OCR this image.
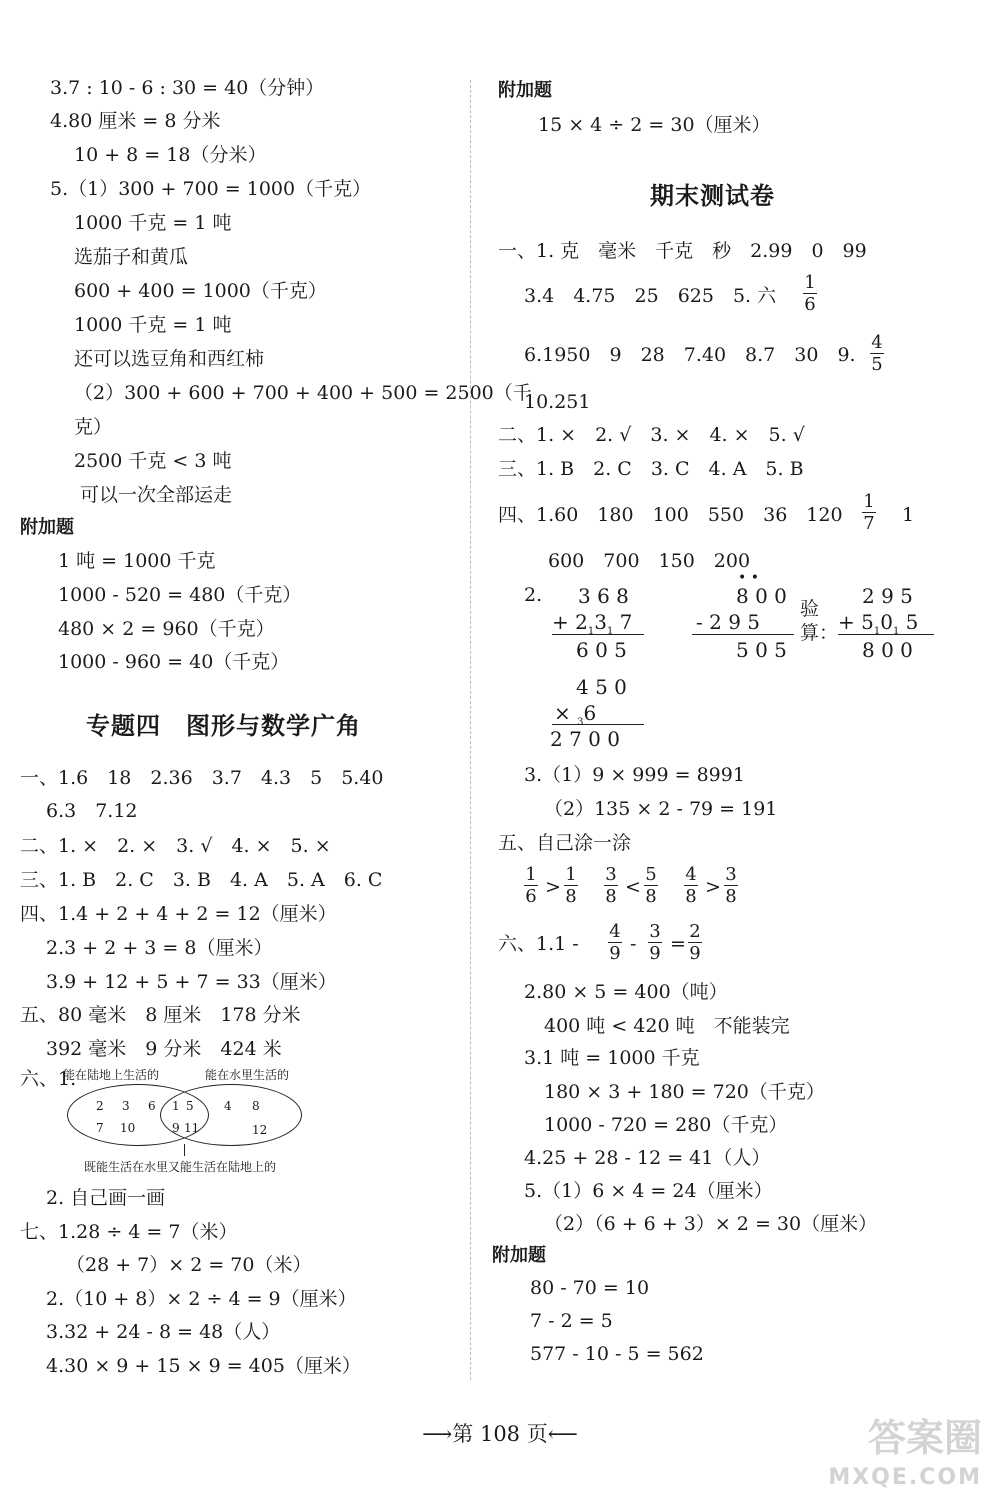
3.7 : 10 - 6 : 30 = 40（分钟）
4.80 厘米 = 8 分米
10 + 8 = 18（分米）
5.（1）300 + 700 = 1000（千克）
1000 千克 = 1 吨
选茄子和黄瓜
600 + 400 = 1000（千克）
1000 千克 = 1 吨
还可以选豆角和西红柿
（2）300 + 600 + 700 + 400 + 500 = 2500（千
克）
2500 千克 < 3 吨
可以一次全部运走
附加题
1 吨 = 1000 千克
1000 - 520 = 480（千克）
480 × 2 = 960（千克）
1000 - 960 = 40（千克）
专题四　图形与数学广角
一、1.6　18　2.36　3.7　4.3　5　5.40
6.3　7.12
二、1. ×　2. ×　3. √　4. ×　5. ×
三、1. B　2. C　3. B　4. A　5. A　6. C
四、1.4 + 2 + 4 + 2 = 12（厘米）
2.3 + 2 + 3 = 8（厘米）
3.9 + 12 + 5 + 7 = 33（厘米）
五、80 毫米　8 厘米　178 分米
392 毫米　9 分米　424 米
六、1.
能在陆地上生活的	能在水里生活的
2 3 6
7 10
1 5
9 11
4 8
12
既能生活在水里又能生活在陆地上的
2. 自己画一画
七、1.28 ÷ 4 = 7（米）
（28 + 7）× 2 = 70（米）
2.（10 + 8）× 2 ÷ 4 = 9（厘米）
3.32 + 24 - 8 = 48（人）
4.30 × 9 + 15 × 9 = 405（厘米）
附加题
15 × 4 ÷ 2 = 30（厘米）
期末测试卷
一、1. 克　毫米　千克　秒　2.99　0　99
3.4　4.75　25　625　5. 六
1
6
6.1950　9　28　7.40　8.7　30　9.
4
5
10.251
二、1. ×　2. √　3. ×　4. ×　5. √
三、1. B　2. C　3. C　4. A　5. B
四、1.60　180　100　550　36　120
1
7 1
600　700　150　200
2. 3 6 8
+ $2_13_1$ 7
6 0 5
• •
8 0 0
- 2 9 5
5 0 5
验算：
2 9 5
+ $5_10_1$ 5
8 0 0
4 5 0
× $_3$6
2 7 0 0
3.（1）9 × 999 = 8991
（2）135 × 2 - 79 = 191
五、自己涂一涂
1
6 >
1
8
3
8 <
5
8
4
8 >
3
8
六、1.1 -
4
9 -
3
9 =
2
9
2.80 × 5 = 400（吨）
400 吨 < 420 吨　不能装完
3.1 吨 = 1000 千克
180 × 3 + 180 = 720（千克）
1000 - 720 = 280（千克）
4.25 + 28 - 12 = 41（人）
5.（1）6 × 4 = 24（厘米）
（2）（6 + 6 + 3）× 2 = 30（厘米）
附加题
80 - 70 = 10
7 - 2 = 5
577 - 10 - 5 = 562
⟶第 108 页⟵	答案圈
MXQE.COM
